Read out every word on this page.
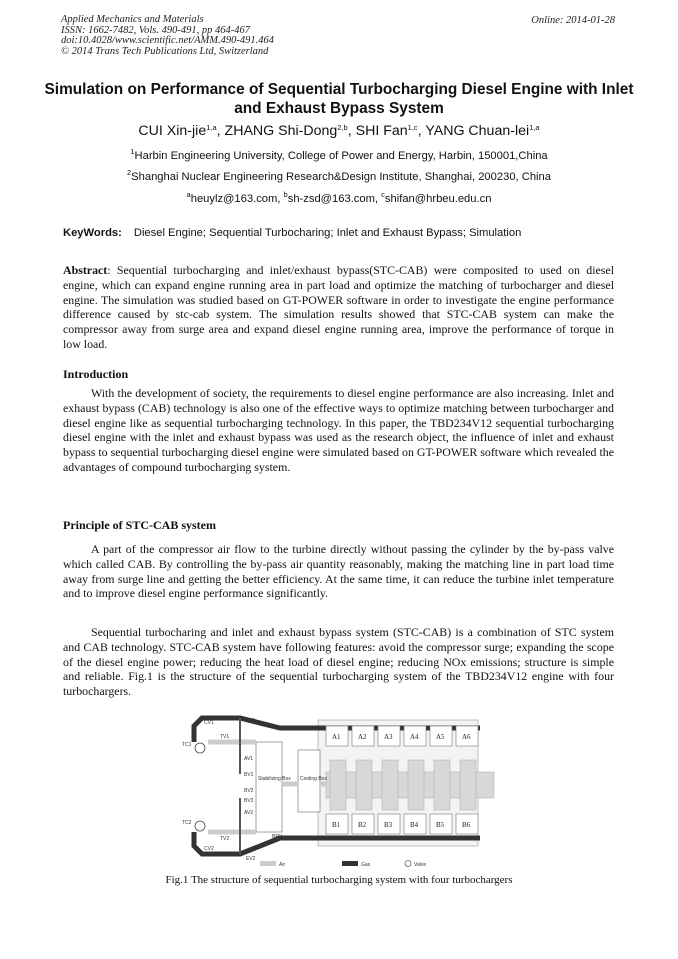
Applied Mechanics and Materials
ISSN: 1662-7482, Vols. 490-491, pp 464-467
doi:10.4028/www.scientific.net/AMM.490-491.464
© 2014 Trans Tech Publications Ltd, Switzerland
Online: 2014-01-28
Simulation on Performance of Sequential Turbocharging Diesel Engine with Inlet and Exhaust Bypass System
CUI Xin-jie$^{1,a}$, ZHANG Shi-Dong$^{2,b}$, SHI Fan$^{1,c}$, YANG Chuan-lei$^{1,a}$
$^1$Harbin Engineering University, College of Power and Energy, Harbin, 150001,China
$^2$Shanghai Nuclear Engineering Research&Design Institute, Shanghai, 200230, China
$^a$heuylz@163.com, $^b$sh-zsd@163.com, $^c$shifan@hrbeu.edu.cn
KeyWords: Diesel Engine; Sequential Turbocharing; Inlet and Exhaust Bypass; Simulation
Abstract: Sequential turbocharging and inlet/exhaust bypass(STC-CAB) were composited to used on diesel engine, which can expand engine running area in part load and optimize the matching of turbocharger and diesel engine. The simulation was studied based on GT-POWER software in order to investigate the engine performance difference caused by stc-cab system. The simulation results showed that STC-CAB system can make the compressor away from surge area and expand diesel engine running area, improve the performance of torque in low load.
Introduction
With the development of society, the requirements to diesel engine performance are also increasing. Inlet and exhaust bypass (CAB) technology is also one of the effective ways to optimize matching between turbocharger and diesel engine like as sequential turbocharging technology. In this paper, the TBD234V12 sequential turbocharging diesel engine with the inlet and exhaust bypass was used as the research object, the influence of inlet and exhaust bypass to sequential turbocharging diesel engine were simulated based on GT-POWER software which revealed the advantages of compound turbocharging system.
Principle of STC-CAB system
A part of the compressor air flow to the turbine directly without passing the cylinder by the by-pass valve which called CAB. By controlling the by-pass air quantity reasonably, making the matching line in part load time away from surge line and getting the better efficiency. At the same time, it can reduce the turbine inlet temperature and to improve diesel engine performance significantly.
Sequential turbocharing and inlet and exhaust bypass system (STC-CAB) is a combination of STC system and CAB technology. STC-CAB system have following features: avoid the compressor surge; expanding the scope of the diesel engine power; reducing the heat load of diesel engine; reducing NOx emissions; structure is simple and reliable. Fig.1 is the structure of the sequential turbocharging system of the TBD234V12 engine with four turbochargers.
A1 A2 A3 A4 A5 A6
B1	B2	B3	B4	B5	B6
Stabilizing Box Cooling Box
TC1
TC2
CV1
CV2
EV1
EV2
AV1
AV2
TV1
TV2
BV1
BV2
BV3
BPV
Air	Gas	Valve
Fig.1 The structure of sequential turbocharging system with four turbochargers
